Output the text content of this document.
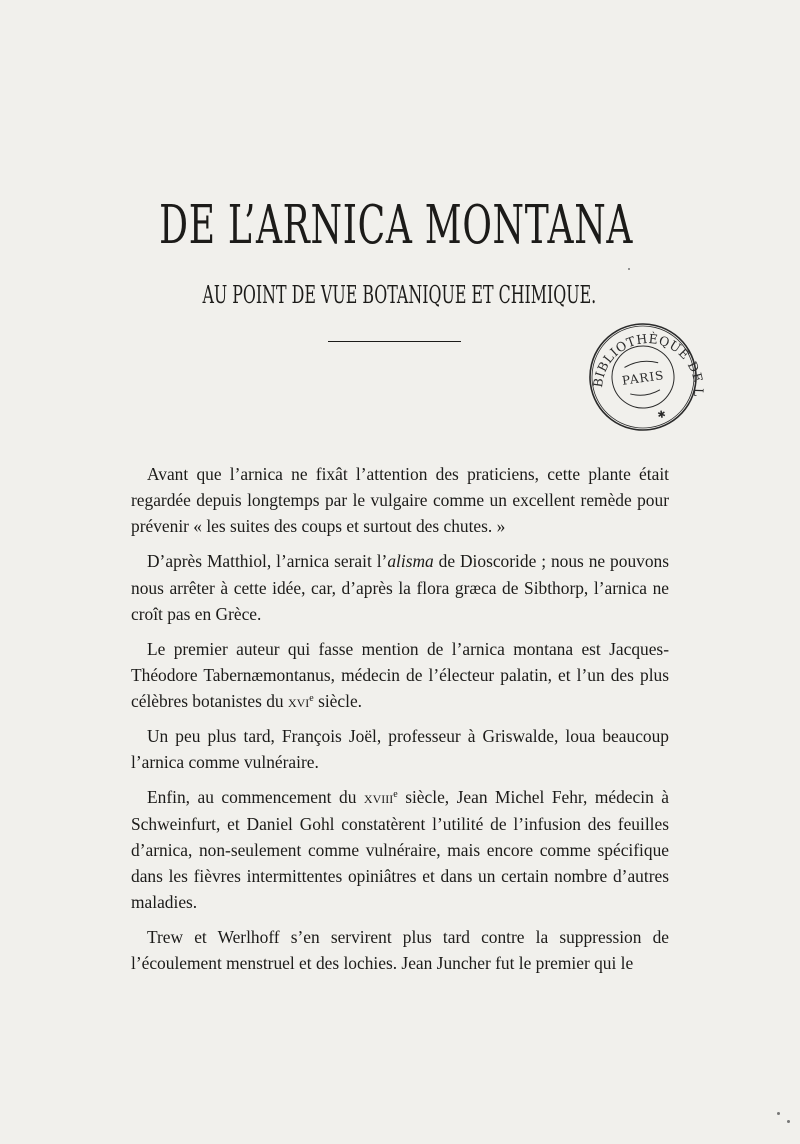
DE L’ARNICA MONTANA
AU POINT DE VUE BOTANIQUE ET CHIMIQUE.
BIBLIOTHÈQUE DE L’ÉCOLE
PARIS
✱

Avant que l’arnica ne fixât l’attention des praticiens, cette plante était regardée depuis longtemps par le vulgaire comme un excellent remède pour prévenir « les suites des coups et surtout des chutes. »

D’après Matthiol, l’arnica serait l’alisma de Dioscoride ; nous ne pouvons nous arrêter à cette idée, car, d’après la flora græca de Sibthorp, l’arnica ne croît pas en Grèce.

Le premier auteur qui fasse mention de l’arnica montana est Jacques-Théodore Tabernæmontanus, médecin de l’électeur palatin, et l’un des plus célèbres botanistes du xvi$^e$ siècle.

Un peu plus tard, François Joël, professeur à Griswalde, loua beaucoup l’arnica comme vulnéraire.

Enfin, au commencement du xviii$^e$ siècle, Jean Michel Fehr, médecin à Schweinfurt, et Daniel Gohl constatèrent l’utilité de l’infusion des feuilles d’arnica, non-seulement comme vulnéraire, mais encore comme spécifique dans les fièvres intermittentes opiniâtres et dans un certain nombre d’autres maladies.

Trew et Werlhoff s’en servirent plus tard contre la suppression de l’écoulement menstruel et des lochies. Jean Juncher fut le premier qui le
